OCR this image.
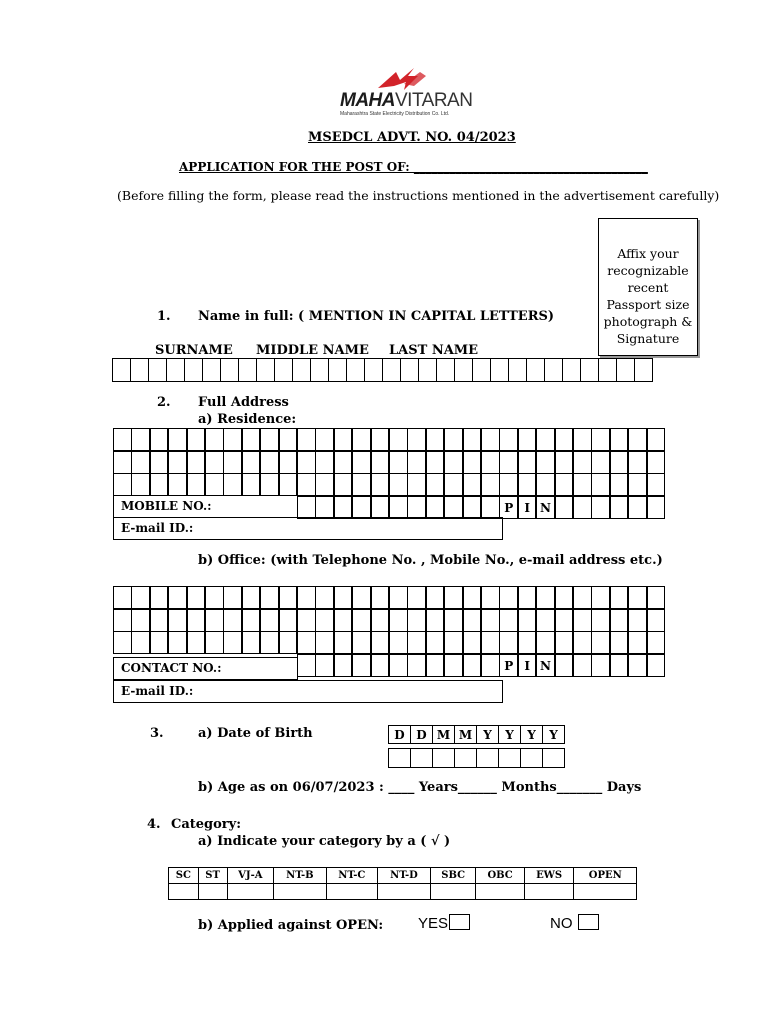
MAHAVITARAN
Maharashtra State Electricity Distribution Co. Ltd.
MSEDCL ADVT. NO. 04/2023
APPLICATION FOR THE POST OF: _______________________________________
(Before filling the form, please read the instructions mentioned in the advertisement carefully)
Affix your recognizable recent Passport size photograph & Signature
1. Name in full: ( MENTION IN CAPITAL LETTERS)
SURNAME MIDDLE NAME LAST NAME
2. Full Address
a) Residence:
P I N
MOBILE NO.:
E-mail ID.:
b) Office: (with Telephone No. , Mobile No., e-mail address etc.)
P I N
CONTACT NO.:
E-mail ID.:
3.	a) Date of Birth	D D M M Y	Y	Y	Y
b) Age as on 06/07/2023 : ____ Years______ Months_______ Days
4. Category:
a) Indicate your category by a ( √ )
SC	ST	VJ-A	NT-B	NT-C	NT-D	SBC	OBC	EWS	OPEN

b) Applied against OPEN: YES	NO
